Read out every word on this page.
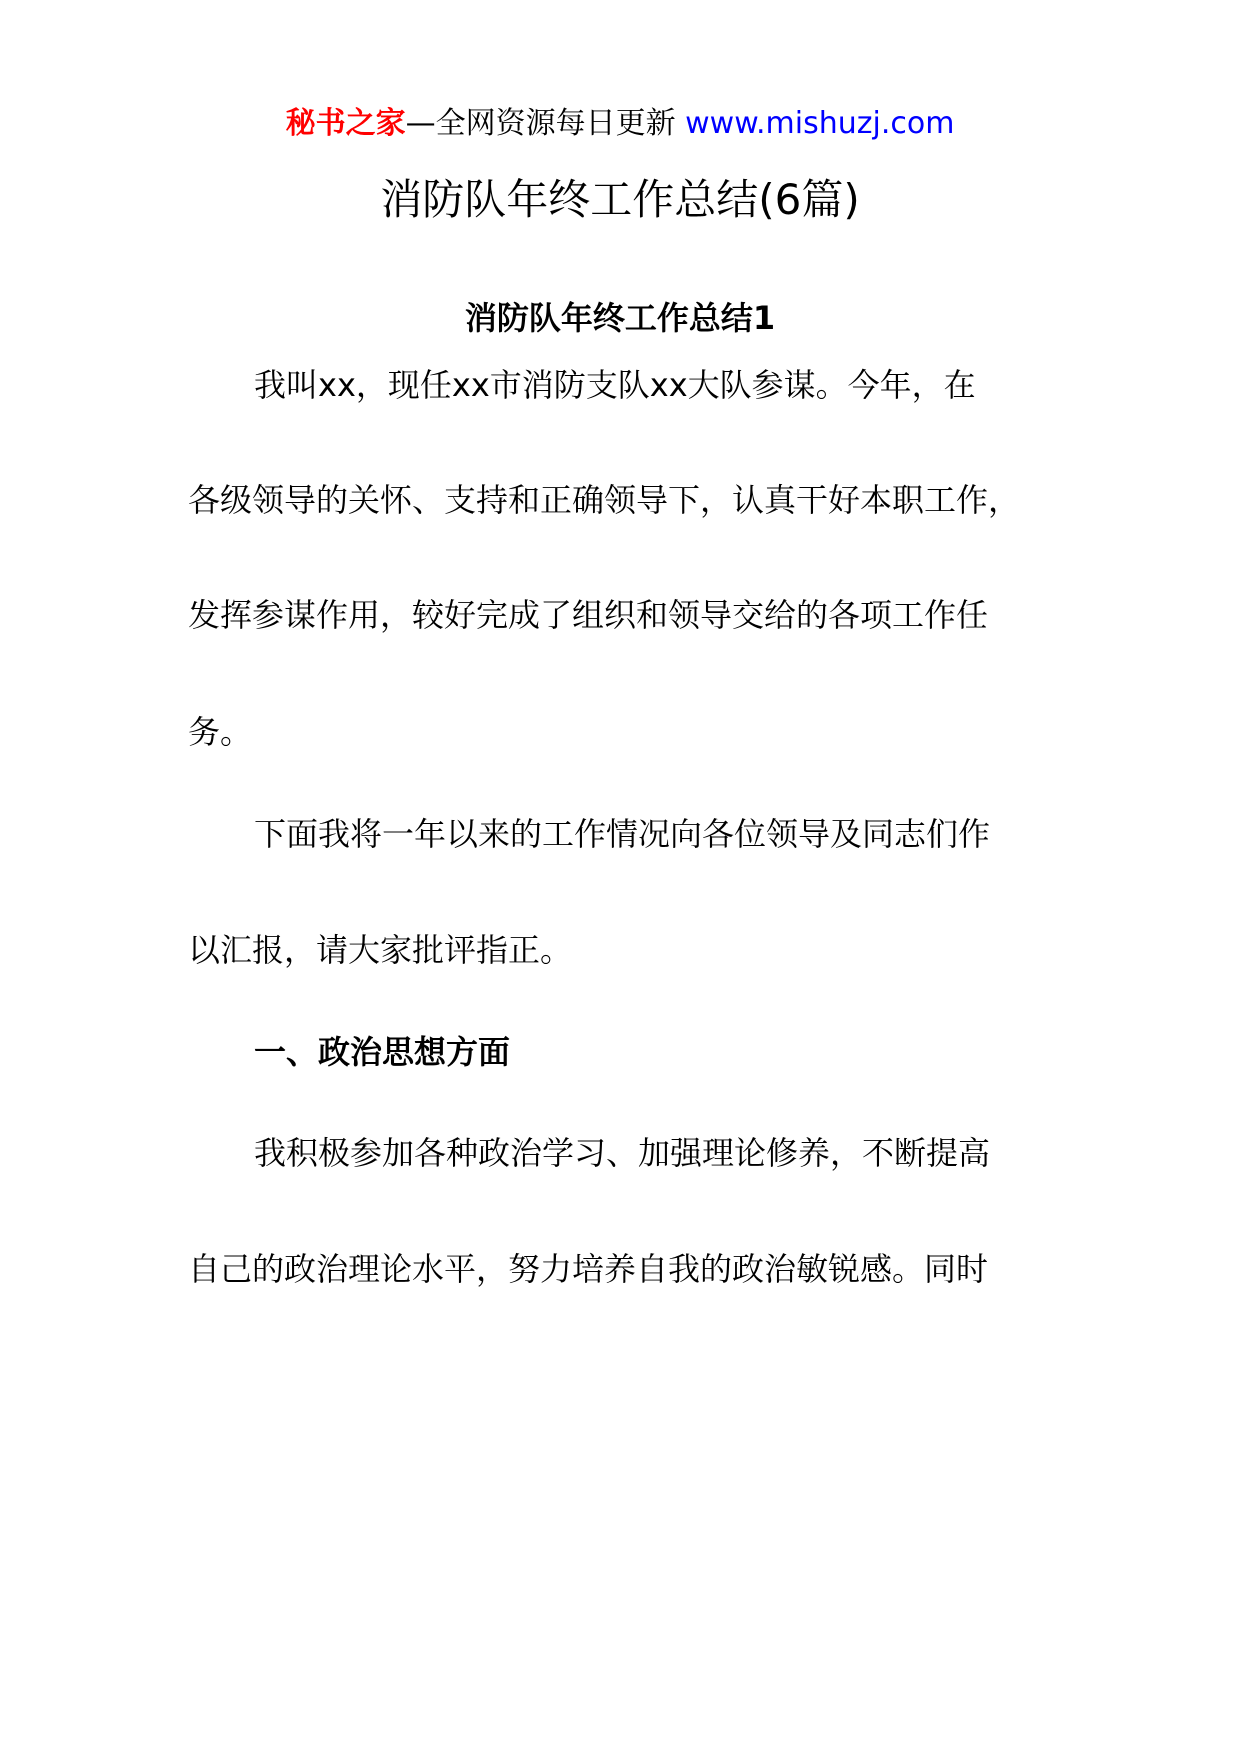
秘书之家—全网资源每日更新 www.mishuzj.com
消防队年终工作总结(6篇)
消防队年终工作总结1
我叫xx，现任xx市消防支队xx大队参谋。今年，在
各级领导的关怀、支持和正确领导下，认真干好本职工作，
发挥参谋作用，较好完成了组织和领导交给的各项工作任
务。
下面我将一年以来的工作情况向各位领导及同志们作
以汇报，请大家批评指正。
一、政治思想方面
我积极参加各种政治学习、加强理论修养，不断提高
自己的政治理论水平，努力培养自我的政治敏锐感。同时
